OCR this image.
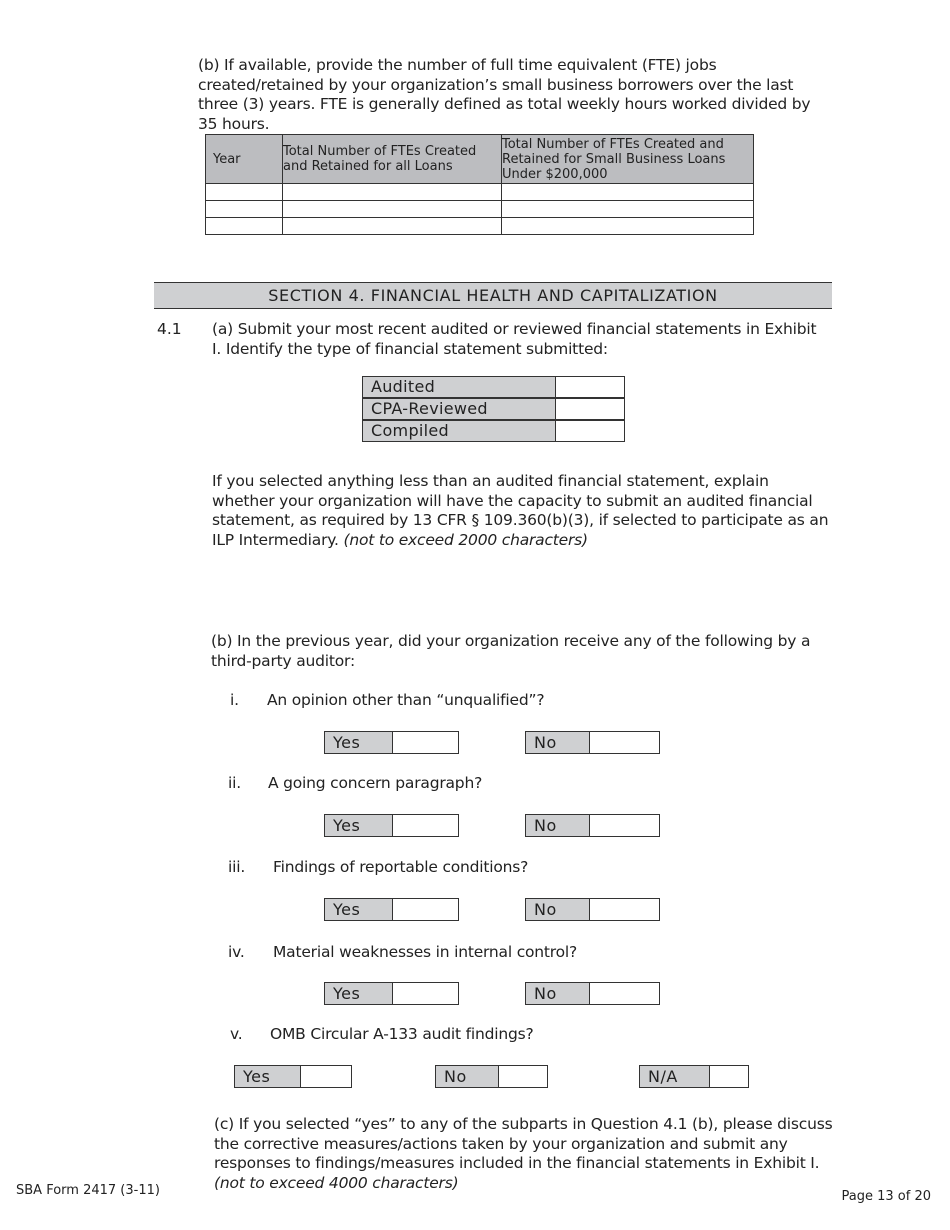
(b) If available, provide the number of full time equivalent (FTE) jobs created/retained by your organization’s small business borrowers over the last three (3) years. FTE is generally defined as total weekly hours worked divided by 35 hours.
Year	Total Number of FTEs Created and Retained for all Loans	Total Number of FTEs Created and Retained for Small Business Loans Under $200,000

SECTION 4. FINANCIAL HEALTH AND CAPITALIZATION
4.1 (a) Submit your most recent audited or reviewed financial statements in Exhibit I. Identify the type of financial statement submitted:
Audited
CPA-Reviewed
Compiled
If you selected anything less than an audited financial statement, explain whether your organization will have the capacity to submit an audited financial statement, as required by 13 CFR § 109.360(b)(3), if selected to participate as an ILP Intermediary. (not to exceed 2000 characters)
(b) In the previous year, did your organization receive any of the following by a third-party auditor:
i. An opinion other than “unqualified”?
Yes	No
ii. A going concern paragraph?
Yes	No
iii. Findings of reportable conditions?
Yes	No
iv. Material weaknesses in internal control?
Yes	No
v. OMB Circular A-133 audit findings?
Yes	No	N/A
(c) If you selected “yes” to any of the subparts in Question 4.1 (b), please discuss the corrective measures/actions taken by your organization and submit any responses to findings/measures included in the financial statements in Exhibit I. (not to exceed 4000 characters)
SBA Form 2417 (3-11)	Page 13 of 20
